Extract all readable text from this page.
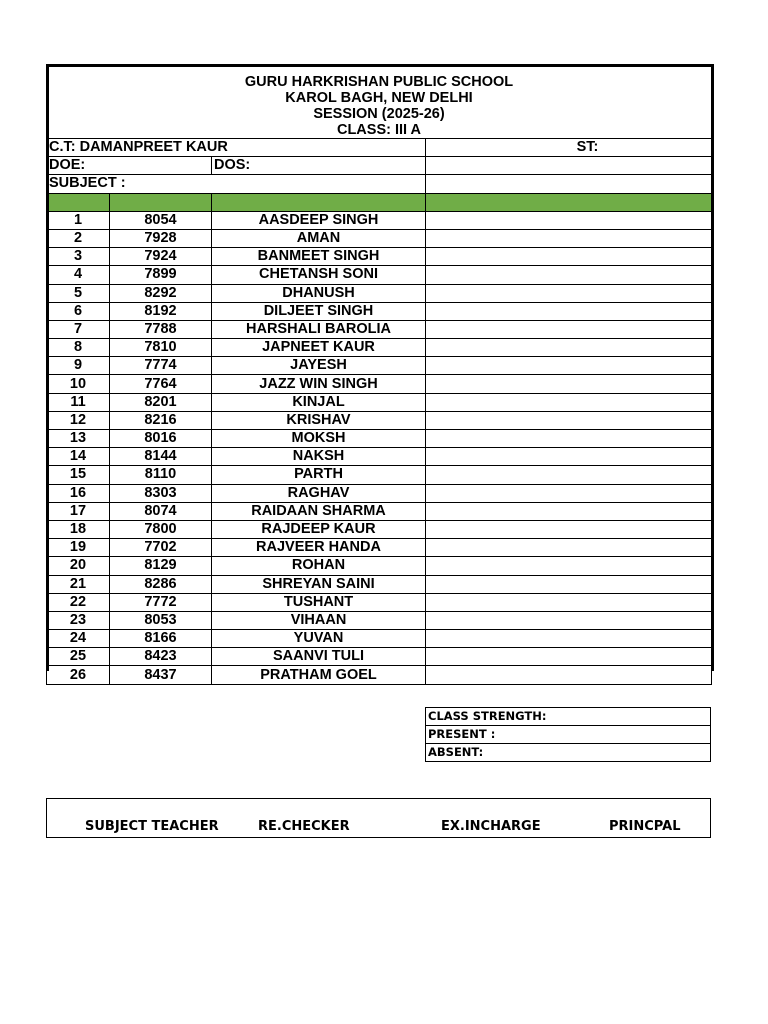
GURU HARKRISHAN PUBLIC SCHOOL			
KAROL BAGH, NEW DELHI			
SESSION (2025-26)			
CLASS: III A			
C.T: DAMANPREET KAUR			ST:
DOE:		DOS:	
SUBJECT :			

1	8054	AASDEEP SINGH	
2	7928	AMAN	
3	7924	BANMEET SINGH	
4	7899	CHETANSH SONI	
5	8292	DHANUSH	
6	8192	DILJEET SINGH	
7	7788	HARSHALI BAROLIA	
8	7810	JAPNEET KAUR	
9	7774	JAYESH	
10	7764	JAZZ WIN SINGH	
11	8201	KINJAL	
12	8216	KRISHAV	
13	8016	MOKSH	
14	8144	NAKSH	
15	8110	PARTH	
16	8303	RAGHAV	
17	8074	RAIDAAN SHARMA	
18	7800	RAJDEEP KAUR	
19	7702	RAJVEER HANDA	
20	8129	ROHAN	
21	8286	SHREYAN SAINI	
22	7772	TUSHANT	
23	8053	VIHAAN	
24	8166	YUVAN	
25	8423	SAANVI TULI	
26	8437	PRATHAM GOEL	
CLASS STRENGTH:
PRESENT :
ABSENT:
SUBJECT TEACHER	RE.CHECKER	EX.INCHARGE	PRINCPAL
